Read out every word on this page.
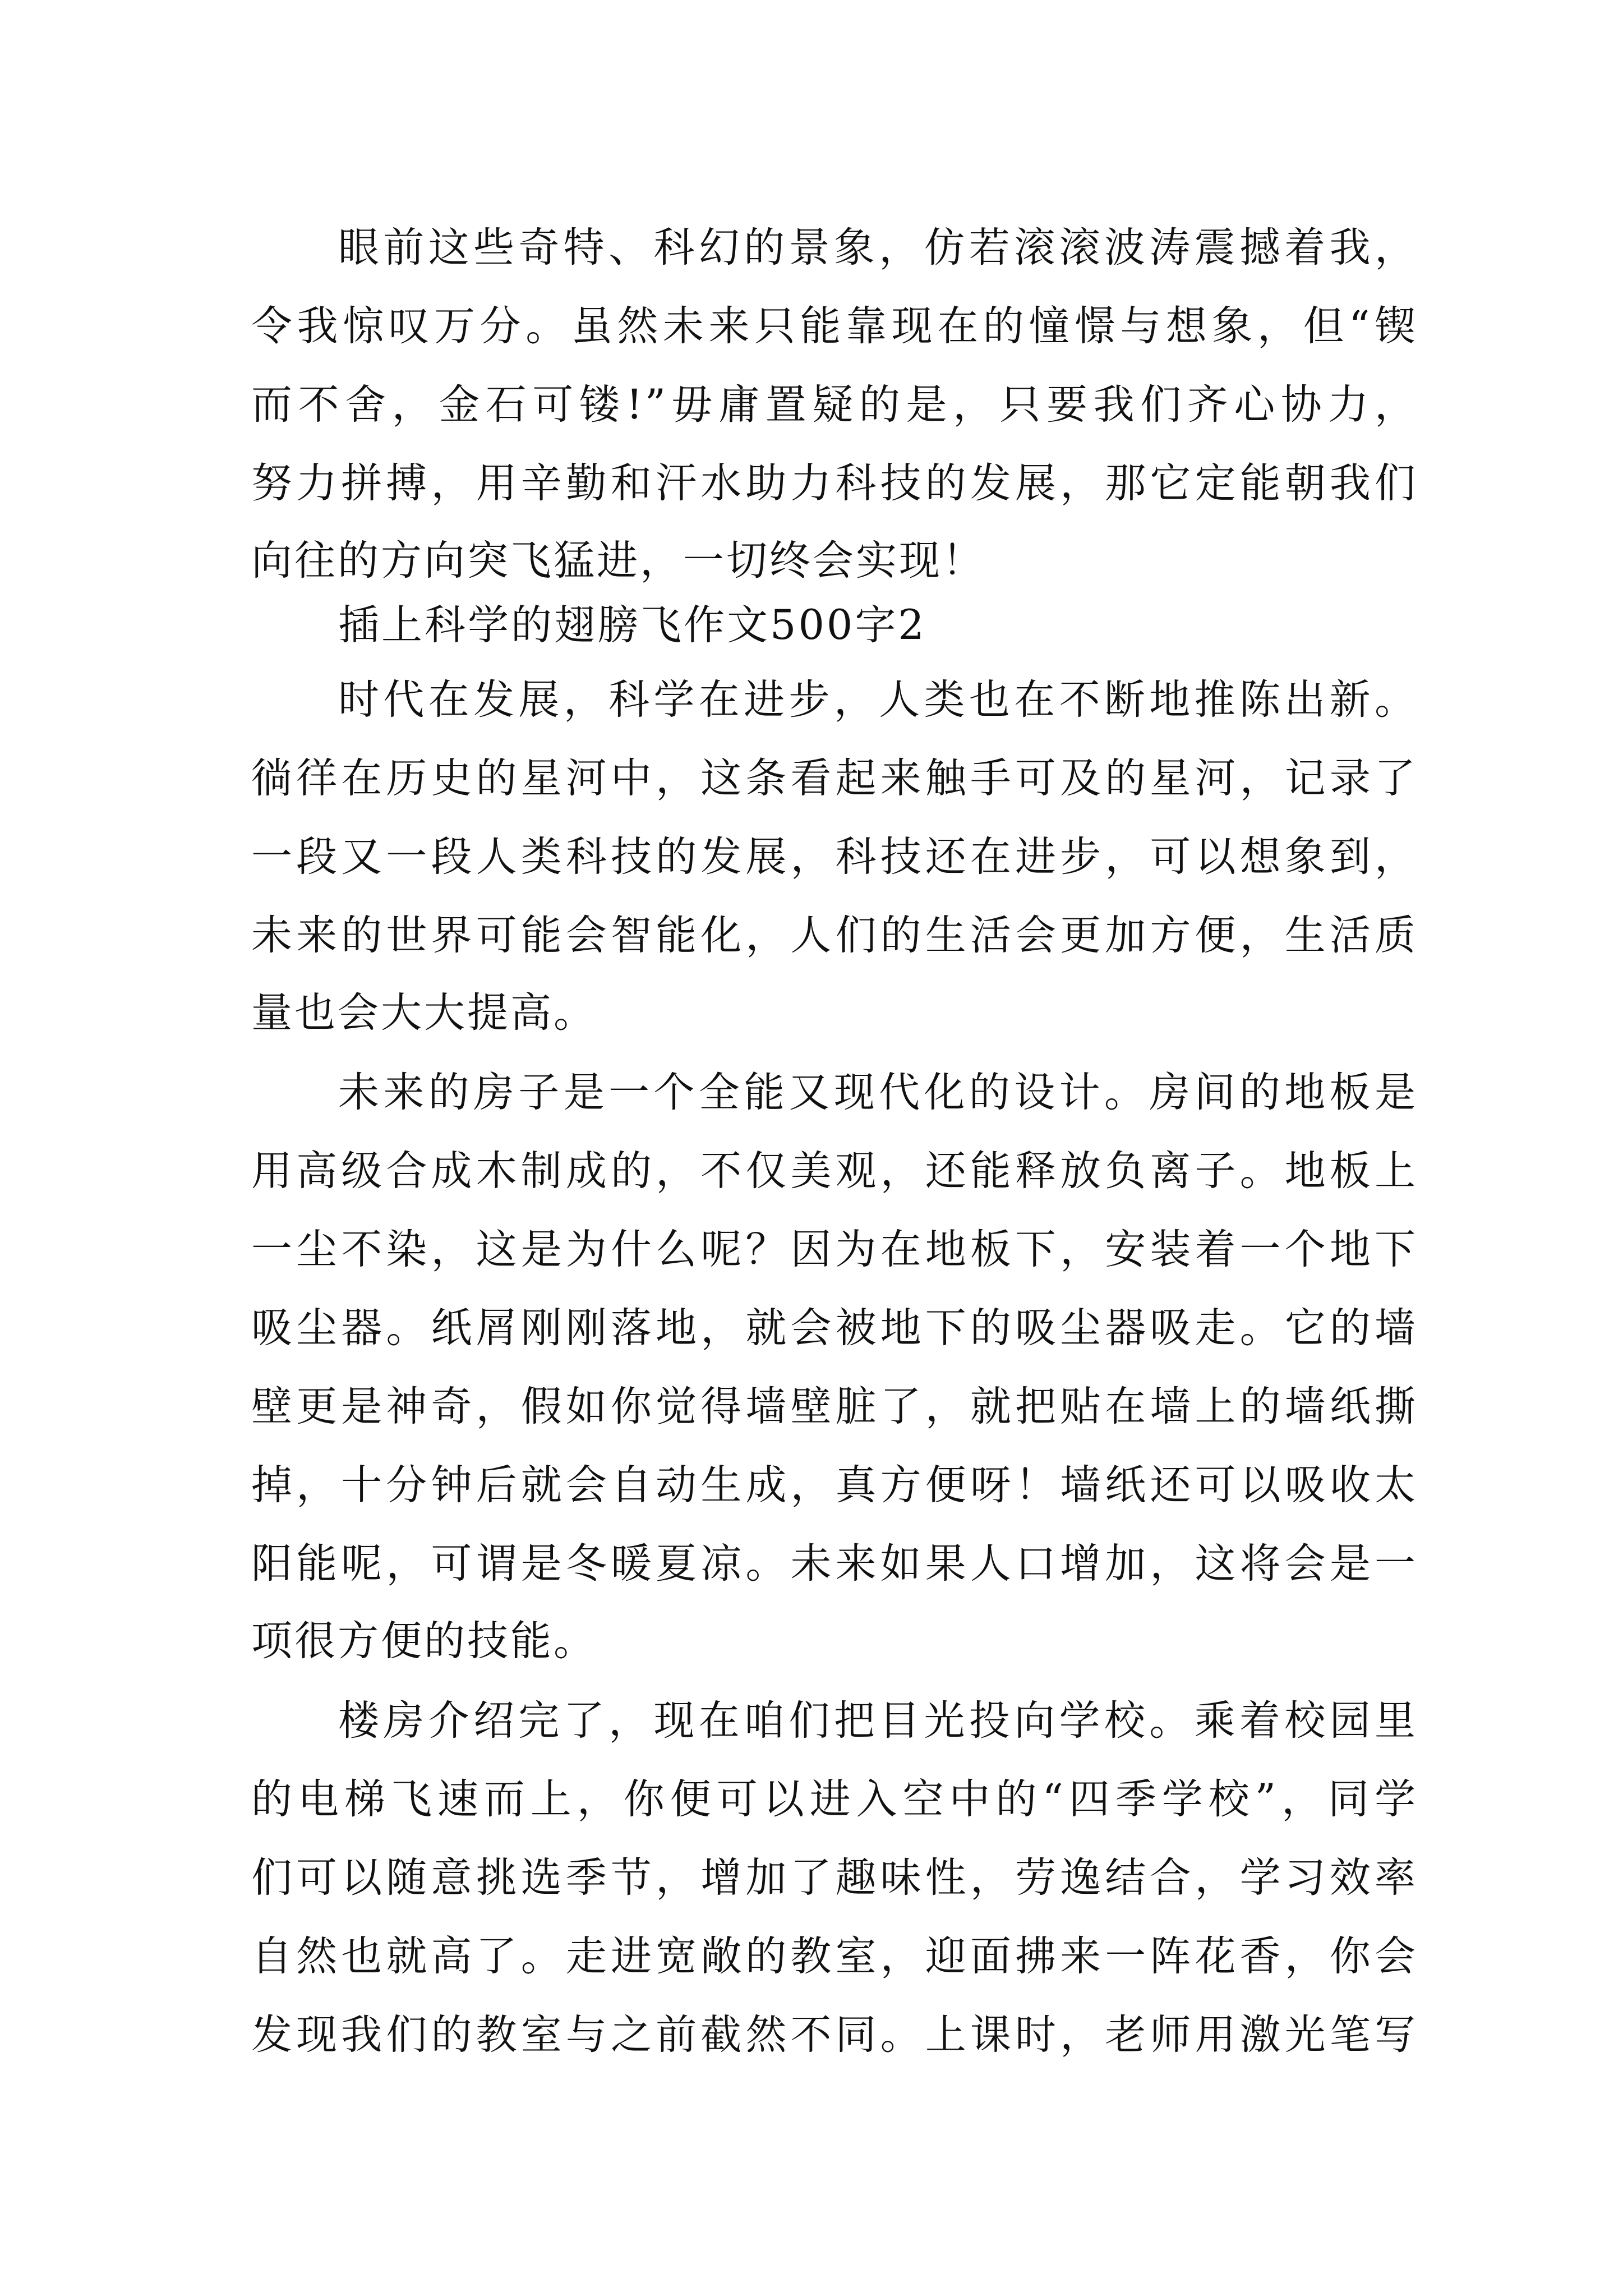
眼前这些奇特、科幻的景象，仿若滚滚波涛震撼着我，
令我惊叹万分。虽然未来只能靠现在的憧憬与想象，但“锲
而不舍，金石可镂!”毋庸置疑的是，只要我们齐心协力，
努力拼搏，用辛勤和汗水助力科技的发展，那它定能朝我们
向往的方向突飞猛进，一切终会实现！
插上科学的翅膀飞作文500字2
时代在发展，科学在进步，人类也在不断地推陈出新。
徜徉在历史的星河中，这条看起来触手可及的星河，记录了
一段又一段人类科技的发展，科技还在进步，可以想象到，
未来的世界可能会智能化，人们的生活会更加方便，生活质
量也会大大提高。
未来的房子是一个全能又现代化的设计。房间的地板是
用高级合成木制成的，不仅美观，还能释放负离子。地板上
一尘不染，这是为什么呢？因为在地板下，安装着一个地下
吸尘器。纸屑刚刚落地，就会被地下的吸尘器吸走。它的墙
壁更是神奇，假如你觉得墙壁脏了，就把贴在墙上的墙纸撕
掉，十分钟后就会自动生成，真方便呀！墙纸还可以吸收太
阳能呢，可谓是冬暖夏凉。未来如果人口增加，这将会是一
项很方便的技能。
楼房介绍完了，现在咱们把目光投向学校。乘着校园里
的电梯飞速而上，你便可以进入空中的“四季学校”，同学
们可以随意挑选季节，增加了趣味性，劳逸结合，学习效率
自然也就高了。走进宽敞的教室，迎面拂来一阵花香，你会
发现我们的教室与之前截然不同。上课时，老师用激光笔写
